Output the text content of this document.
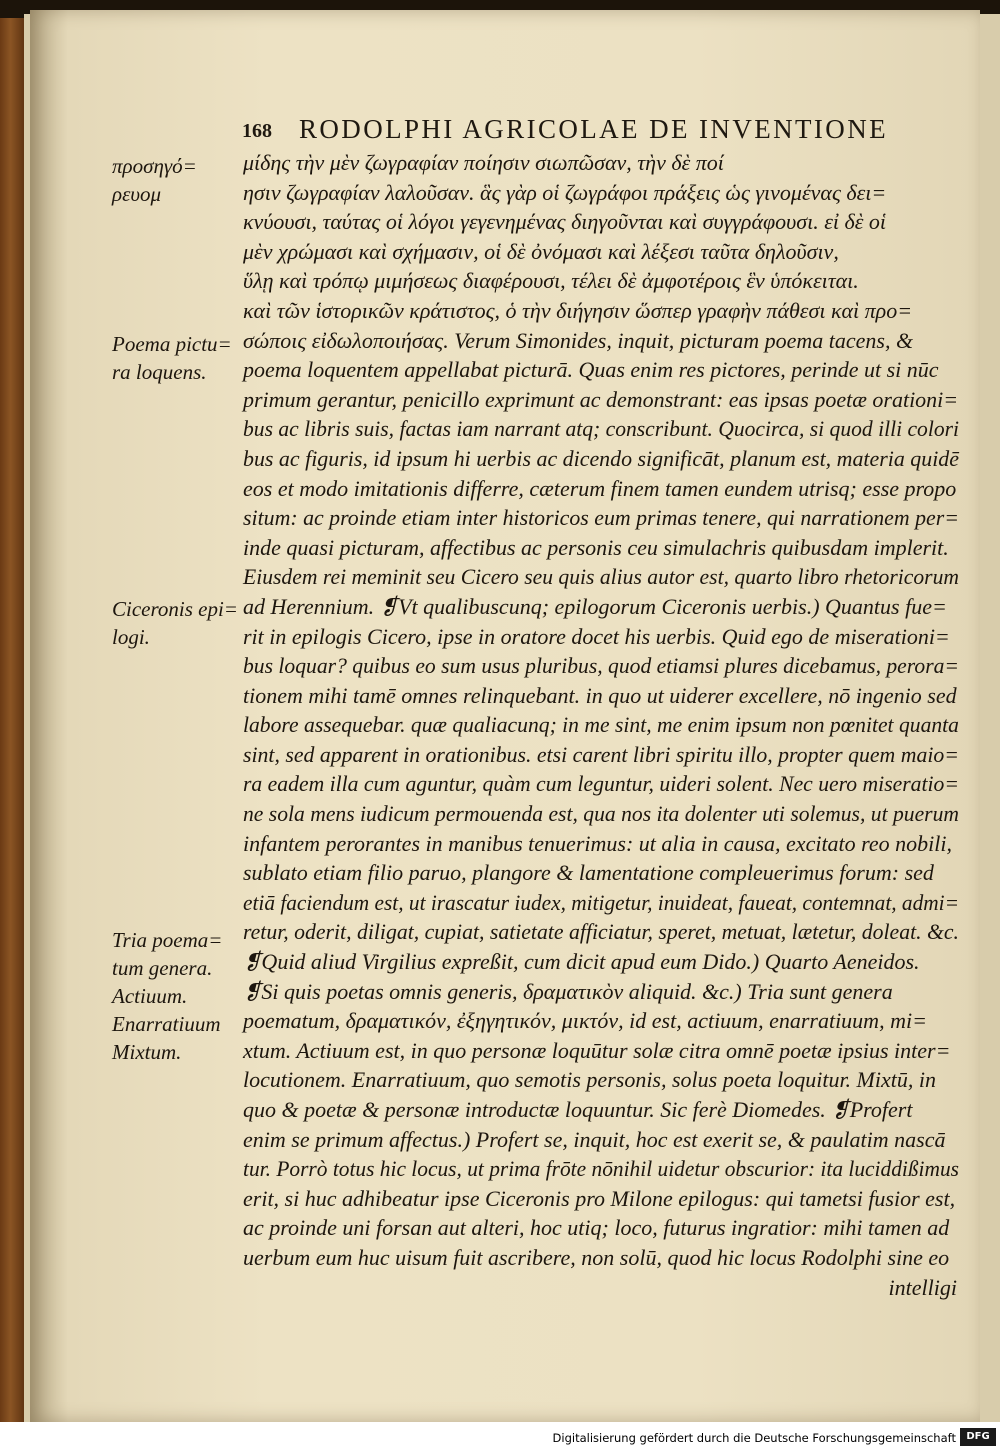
168 RODOLPHI AGRICOLAE DE INVENTIONE
προσηγό=
ρευομ
Poema pictu=
ra loquens.
Ciceronis epi=
logi.
Tria poema=
tum genera.
Actiuum.
Enarratiuum
Mixtum.
μίδης τὴν μὲν ζωγραφίαν ποίησιν σιωπῶσαν, τὴν δὲ ποί
ησιν ζωγραφίαν λαλοῦσαν. ἃς γὰρ οἱ ζωγράφοι πράξεις ὡς γινομένας δει=
κνύουσι, ταύτας οἱ λόγοι γεγενημένας διηγοῦνται καὶ συγγράφουσι. εἰ δὲ οἱ
μὲν χρώμασι καὶ σχήμασιν, οἱ δὲ ὀνόμασι καὶ λέξεσι ταῦτα δηλοῦσιν,
ὕλῃ καὶ τρόπῳ μιμήσεως διαφέρουσι, τέλει δὲ ἀμφοτέροις ἓν ὑπόκειται.
καὶ τῶν ἱστορικῶν κράτιστος, ὁ τὴν διήγησιν ὥσπερ γραφὴν πάθεσι καὶ προ=
σώποις εἰδωλοποιήσας. Verum Simonides, inquit, picturam poema tacens, &
poema loquentem appellabat picturā. Quas enim res pictores, perinde ut si nūc
primum gerantur, penicillo exprimunt ac demonstrant: eas ipsas poetæ orationi=
bus ac libris suis, factas iam narrant atq; conscribunt. Quocirca, si quod illi colori
bus ac figuris, id ipsum hi uerbis ac dicendo significāt, planum est, materia quidē
eos et modo imitationis differre, cæterum finem tamen eundem utrisq; esse propo
situm: ac proinde etiam inter historicos eum primas tenere, qui narrationem per=
inde quasi picturam, affectibus ac personis ceu simulachris quibusdam implerit.
Eiusdem rei meminit seu Cicero seu quis alius autor est, quarto libro rhetoricorum
ad Herennium. ❡Vt qualibuscunq; epilogorum Ciceronis uerbis.) Quantus fue=
rit in epilogis Cicero, ipse in oratore docet his uerbis. Quid ego de miserationi=
bus loquar? quibus eo sum usus pluribus, quod etiamsi plures dicebamus, perora=
tionem mihi tamē omnes relinquebant. in quo ut uiderer excellere, nō ingenio sed
labore assequebar. quæ qualiacunq; in me sint, me enim ipsum non pœnitet quanta
sint, sed apparent in orationibus. etsi carent libri spiritu illo, propter quem maio=
ra eadem illa cum aguntur, quàm cum leguntur, uideri solent. Nec uero miseratio=
ne sola mens iudicum permouenda est, qua nos ita dolenter uti solemus, ut puerum
infantem perorantes in manibus tenuerimus: ut alia in causa, excitato reo nobili,
sublato etiam filio paruo, plangore & lamentatione compleuerimus forum: sed
etiā faciendum est, ut irascatur iudex, mitigetur, inuideat, faueat, contemnat, admi=
retur, oderit, diligat, cupiat, satietate afficiatur, speret, metuat, lætetur, doleat. &c.
❡Quid aliud Virgilius expreßit, cum dicit apud eum Dido.) Quarto Aeneidos.
❡Si quis poetas omnis generis, δραματικὸν aliquid. &c.) Tria sunt genera
poematum, δραματικόν, ἐξηγητικόν, μικτόν, id est, actiuum, enarratiuum, mi=
xtum. Actiuum est, in quo personæ loquūtur solæ citra omnē poetæ ipsius inter=
locutionem. Enarratiuum, quo semotis personis, solus poeta loquitur. Mixtū, in
quo & poetæ & personæ introductæ loquuntur. Sic ferè Diomedes. ❡Profert
enim se primum affectus.) Profert se, inquit, hoc est exerit se, & paulatim nascā
tur. Porrò totus hic locus, ut prima frōte nōnihil uidetur obscurior: ita luciddißimus
erit, si huc adhibeatur ipse Ciceronis pro Milone epilogus: qui tametsi fusior est,
ac proinde uni forsan aut alteri, hoc utiq; loco, futurus ingratior: mihi tamen ad
uerbum eum huc uisum fuit ascribere, non solū, quod hic locus Rodolphi sine eo
intelligi
Digitalisierung gefördert durch die Deutsche Forschungsgemeinschaft	DFG
